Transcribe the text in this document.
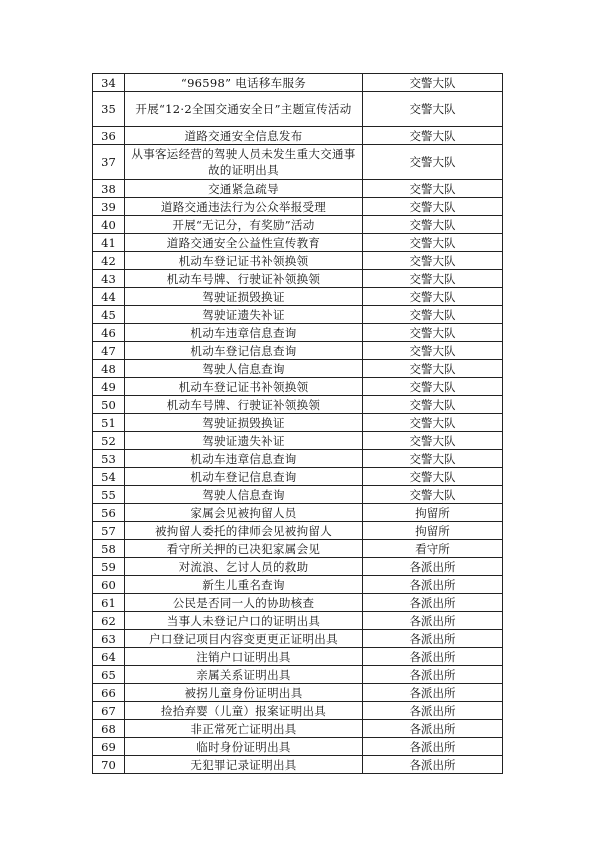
34	“96598” 电话移车服务	交警大队
35	开展“12·2全国交通安全日”主题宣传活动	交警大队
36	道路交通安全信息发布	交警大队
37	从事客运经营的驾驶人员未发生重大交通事故的证明出具	交警大队
38	交通紧急疏导	交警大队
39	道路交通违法行为公众举报受理	交警大队
40	开展“无记分，有奖励”活动	交警大队
41	道路交通安全公益性宣传教育	交警大队
42	机动车登记证书补领换领	交警大队
43	机动车号牌、行驶证补领换领	交警大队
44	驾驶证损毁换证	交警大队
45	驾驶证遗失补证	交警大队
46	机动车违章信息查询	交警大队
47	机动车登记信息查询	交警大队
48	驾驶人信息查询	交警大队
49	机动车登记证书补领换领	交警大队
50	机动车号牌、行驶证补领换领	交警大队
51	驾驶证损毁换证	交警大队
52	驾驶证遗失补证	交警大队
53	机动车违章信息查询	交警大队
54	机动车登记信息查询	交警大队
55	驾驶人信息查询	交警大队
56	家属会见被拘留人员	拘留所
57	被拘留人委托的律师会见被拘留人	拘留所
58	看守所关押的已决犯家属会见	看守所
59	对流浪、乞讨人员的救助	各派出所
60	新生儿重名查询	各派出所
61	公民是否同一人的协助核查	各派出所
62	当事人未登记户口的证明出具	各派出所
63	户口登记项目内容变更更正证明出具	各派出所
64	注销户口证明出具	各派出所
65	亲属关系证明出具	各派出所
66	被拐儿童身份证明出具	各派出所
67	捡拾弃婴（儿童）报案证明出具	各派出所
68	非正常死亡证明出具	各派出所
69	临时身份证明出具	各派出所
70	无犯罪记录证明出具	各派出所
